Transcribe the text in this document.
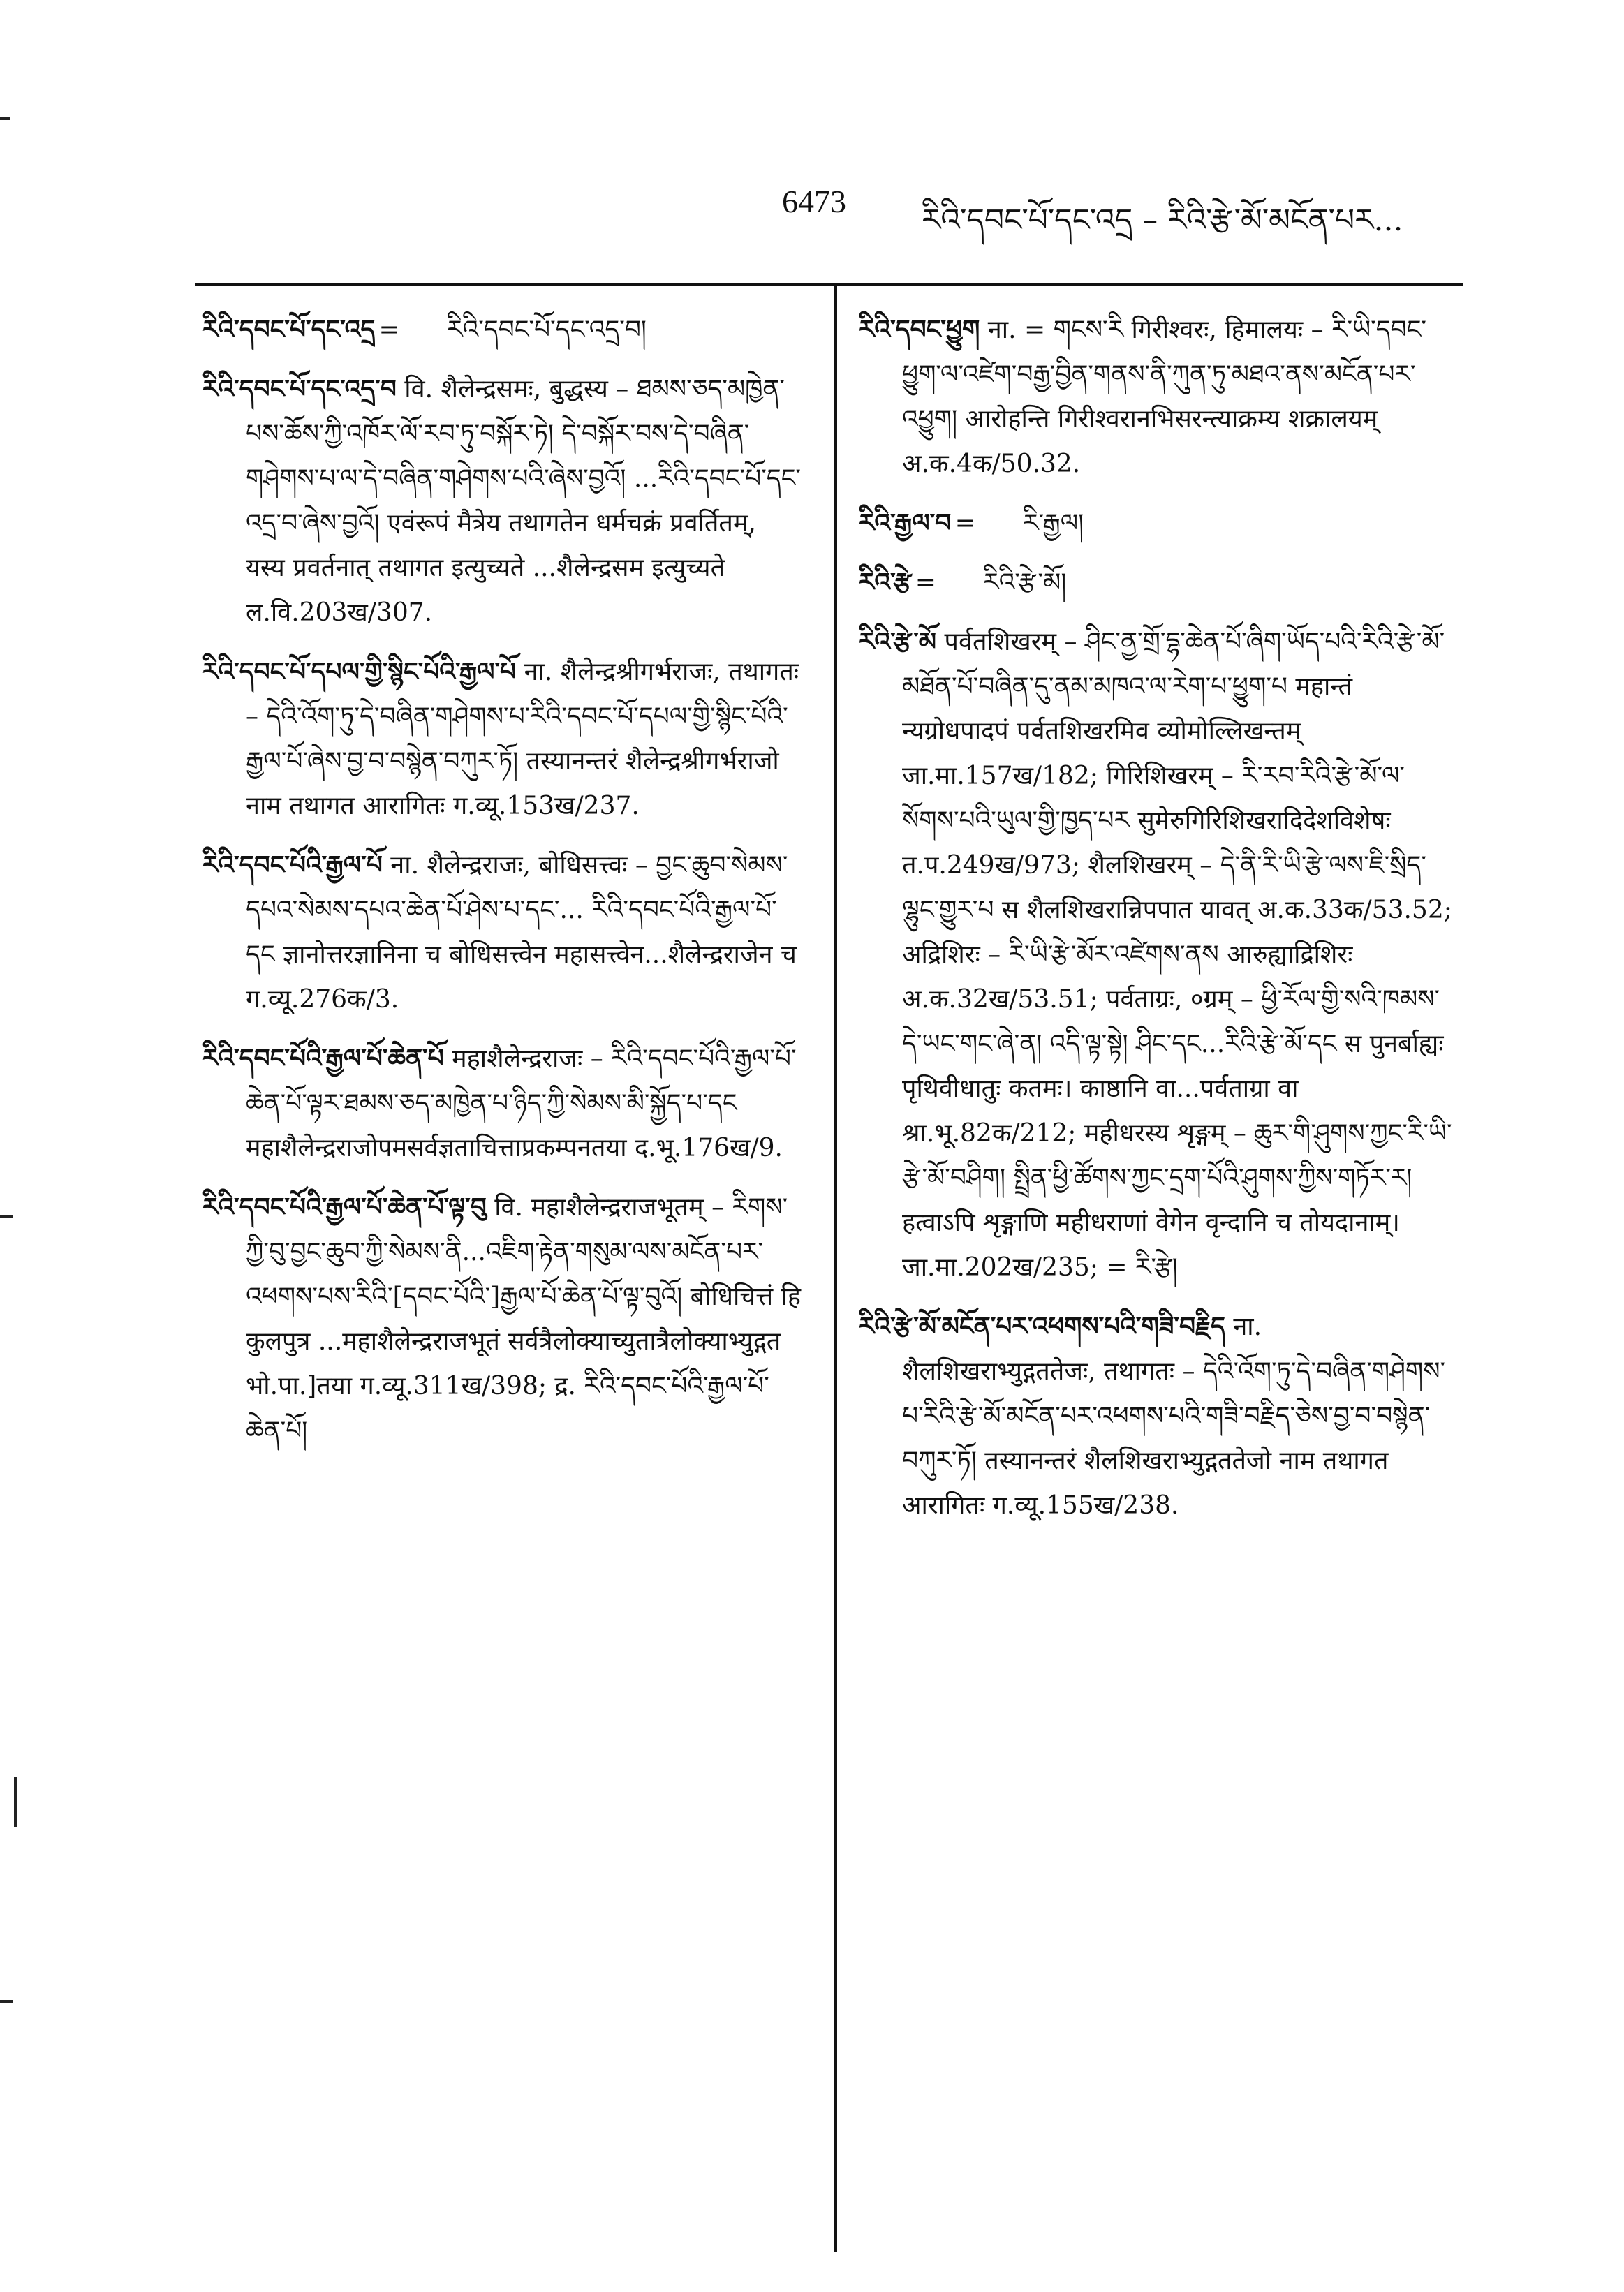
6473
རིའི་དབང་པོ་དང་འདྲ – རིའི་རྩེ་མོ་མངོན་པར...
རིའི་དབང་པོ་དང་འདྲ = རིའི་དབང་པོ་དང་འདྲ་བ།
རིའི་དབང་པོ་དང་འདྲ་བ वि. शैलेन्द्रसमः, बुद्धस्य – ཐམས་ཅད་མཁྱེན་པས་ཆོས་ཀྱི་འཁོར་ལོ་རབ་ཏུ་བསྐོར་ཏེ། དེ་བསྐོར་བས་དེ་བཞིན་གཤེགས་པ་ལ་དེ་བཞིན་གཤེགས་པའི་ཞེས་བྱའོ། ...རིའི་དབང་པོ་དང་འདྲ་བ་ཞེས་བྱའོ། एवंरूपं मैत्रेय तथागतेन धर्मचक्रं प्रवर्तितम्, यस्य प्रवर्तनात् तथागत इत्युच्यते ...शैलेन्द्रसम इत्युच्यते ल.वि.203ख/307.
རིའི་དབང་པོ་དཔལ་གྱི་སྙིང་པོའི་རྒྱལ་པོ ना. शैलेन्द्रश्रीगर्भराजः, तथागतः – དེའི་འོག་ཏུ་དེ་བཞིན་གཤེགས་པ་རིའི་དབང་པོ་དཔལ་གྱི་སྙིང་པོའི་རྒྱལ་པོ་ཞེས་བྱ་བ་བསྙེན་བཀུར་ཏོ། तस्यानन्तरं शैलेन्द्रश्रीगर्भराजो नाम तथागत आरागितः ग.व्यू.153ख/237.
རིའི་དབང་པོའི་རྒྱལ་པོ ना. शैलेन्द्रराजः, बोधिसत्त्वः – བྱང་ཆུབ་སེམས་དཔའ་སེམས་དཔའ་ཆེན་པོ་ཤེས་པ་དང་... རིའི་དབང་པོའི་རྒྱལ་པོ་དང ज्ञानोत्तरज्ञानिना च बोधिसत्त्वेन महासत्त्वेन...शैलेन्द्रराजेन च ग.व्यू.276क/3.
རིའི་དབང་པོའི་རྒྱལ་པོ་ཆེན་པོ महाशैलेन्द्रराजः – རིའི་དབང་པོའི་རྒྱལ་པོ་ཆེན་པོ་ལྟར་ཐམས་ཅད་མཁྱེན་པ་ཉིད་ཀྱི་སེམས་མི་སྐྱོད་པ་དང महाशैलेन्द्रराजोपमसर्वज्ञताचित्ताप्रकम्पनतया द.भू.176ख/9.
རིའི་དབང་པོའི་རྒྱལ་པོ་ཆེན་པོ་ལྟ་བུ वि. महाशैलेन्द्रराजभूतम् – རིགས་ཀྱི་བུ་བྱང་ཆུབ་ཀྱི་སེམས་ནི...འཇིག་རྟེན་གསུམ་ལས་མངོན་པར་འཕགས་པས་རིའི་[དབང་པོའི་]རྒྱལ་པོ་ཆེན་པོ་ལྟ་བུའོ། बोधिचित्तं हि कुलपुत्र ...महाशैलेन्द्रराजभूतं सर्वत्रैलोक्याच्युतात्रैलोक्याभ्युद्गत भो.पा.]तया ग.व्यू.311ख/398; द्र. རིའི་དབང་པོའི་རྒྱལ་པོ་ཆེན་པོ།
རིའི་དབང་ཕྱུག ना. = གངས་རི गिरीश्वरः, हिमालयः – རི་ཡི་དབང་ཕྱུག་ལ་འཛེག་བརྒྱ་བྱིན་གནས་ནི་ཀུན་ཏུ་མཐའ་ནས་མངོན་པར་འཕྱུག། आरोहन्ति गिरीश्वरानभिसरन्त्याक्रम्य शक्रालयम् अ.क.4क/50.32.
རིའི་རྒྱལ་བ = རི་རྒྱལ།
རིའི་རྩེ = རིའི་རྩེ་མོ།
རིའི་རྩེ་མོ पर्वतशिखरम् – ཤིང་ནྱ་གྲོ་དྷ་ཆེན་པོ་ཞིག་ཡོད་པའི་རིའི་རྩེ་མོ་མཐོན་པོ་བཞིན་དུ་ནམ་མཁའ་ལ་རེག་པ་ཕྱུག་པ महान्तं न्यग्रोधपादपं पर्वतशिखरमिव व्योमोल्लिखन्तम् जा.मा.157ख/182; गिरिशिखरम् – རི་རབ་རིའི་རྩེ་མོ་ལ་སོགས་པའི་ཡུལ་གྱི་ཁྱད་པར सुमेरुगिरिशिखरादिदेशविशेषः त.प.249ख/973; शैलशिखरम् – དེ་ནི་རི་ཡི་རྩེ་ལས་ཇི་སྲིད་ལྷུང་གྱུར་པ स शैलशिखरान्निपपात यावत् अ.क.33क/53.52; अद्रिशिरः – རི་ཡི་རྩེ་མོར་འཛེགས་ནས आरुह्याद्रिशिरः अ.क.32ख/53.51; पर्वताग्रः, ०ग्रम् – ཕྱི་རོལ་གྱི་སའི་ཁམས་དེ་ཡང་གང་ཞེ་ན། འདི་ལྟ་སྟེ། ཤིང་དང...རིའི་རྩེ་མོ་དང स पुनर्बाह्यः पृथिवीधातुः कतमः। काष्ठानि वा...पर्वताग्रा वा श्रा.भू.82क/212; महीधरस्य शृङ्गम् – ཆུར་གི་ཤུགས་ཀྱང་རི་ཡི་རྩེ་མོ་བཤིག། སྤྲིན་ཕྱི་ཚོགས་ཀྱང་དྲག་པོའི་ཤུགས་ཀྱིས་གཏོར་ར། हत्वाऽपि शृङ्गाणि महीधराणां वेगेन वृन्दानि च तोयदानाम्। जा.मा.202ख/235; = རི་རྩེ།
རིའི་རྩེ་མོ་མངོན་པར་འཕགས་པའི་གཟི་བརྗིད ना. शैलशिखराभ्युद्गततेजः, तथागतः – དེའི་འོག་ཏུ་དེ་བཞིན་གཤེགས་པ་རིའི་རྩེ་མོ་མངོན་པར་འཕགས་པའི་གཟི་བརྗིད་ཅེས་བྱ་བ་བསྙེན་བཀུར་ཏོ། तस्यानन्तरं शैलशिखराभ्युद्गततेजो नाम तथागत आरागितः ग.व्यू.155ख/238.
